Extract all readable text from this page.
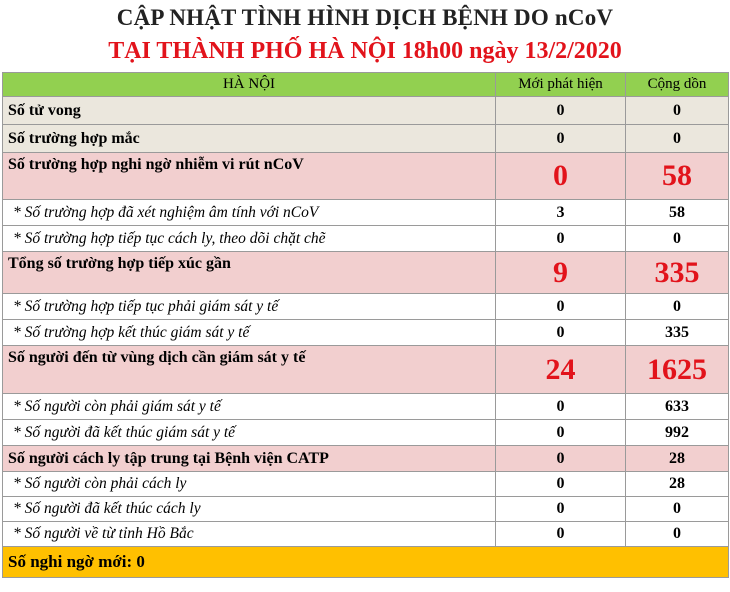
CẬP NHẬT TÌNH HÌNH DỊCH BỆNH DO nCoV
TẠI THÀNH PHỐ HÀ NỘI 18h00 ngày 13/2/2020
HÀ NỘI	Mới phát hiện	Cộng dồn
Số tử vong	0	0
Số trường hợp mắc	0	0
Số trường hợp nghi ngờ nhiễm vi rút nCoV	0	58
* Số trường hợp đã xét nghiệm âm tính với nCoV	3	58
* Số trường hợp tiếp tục cách ly, theo dõi chặt chẽ	0	0
Tổng số trường hợp tiếp xúc gần	9	335
* Số trường hợp tiếp tục phải giám sát y tế	0	0
* Số trường hợp kết thúc giám sát y tế	0	335
Số người đến từ vùng dịch cần giám sát y tế	24	1625
* Số người còn phải giám sát y tế	0	633
* Số người đã kết thúc giám sát y tế	0	992
Số người cách ly tập trung tại Bệnh viện CATP	0	28
* Số người còn phải cách ly	0	28
* Số người đã kết thúc cách ly	0	0
* Số người về từ tỉnh Hồ Bắc	0	0
Số nghi ngờ mới: 0		
